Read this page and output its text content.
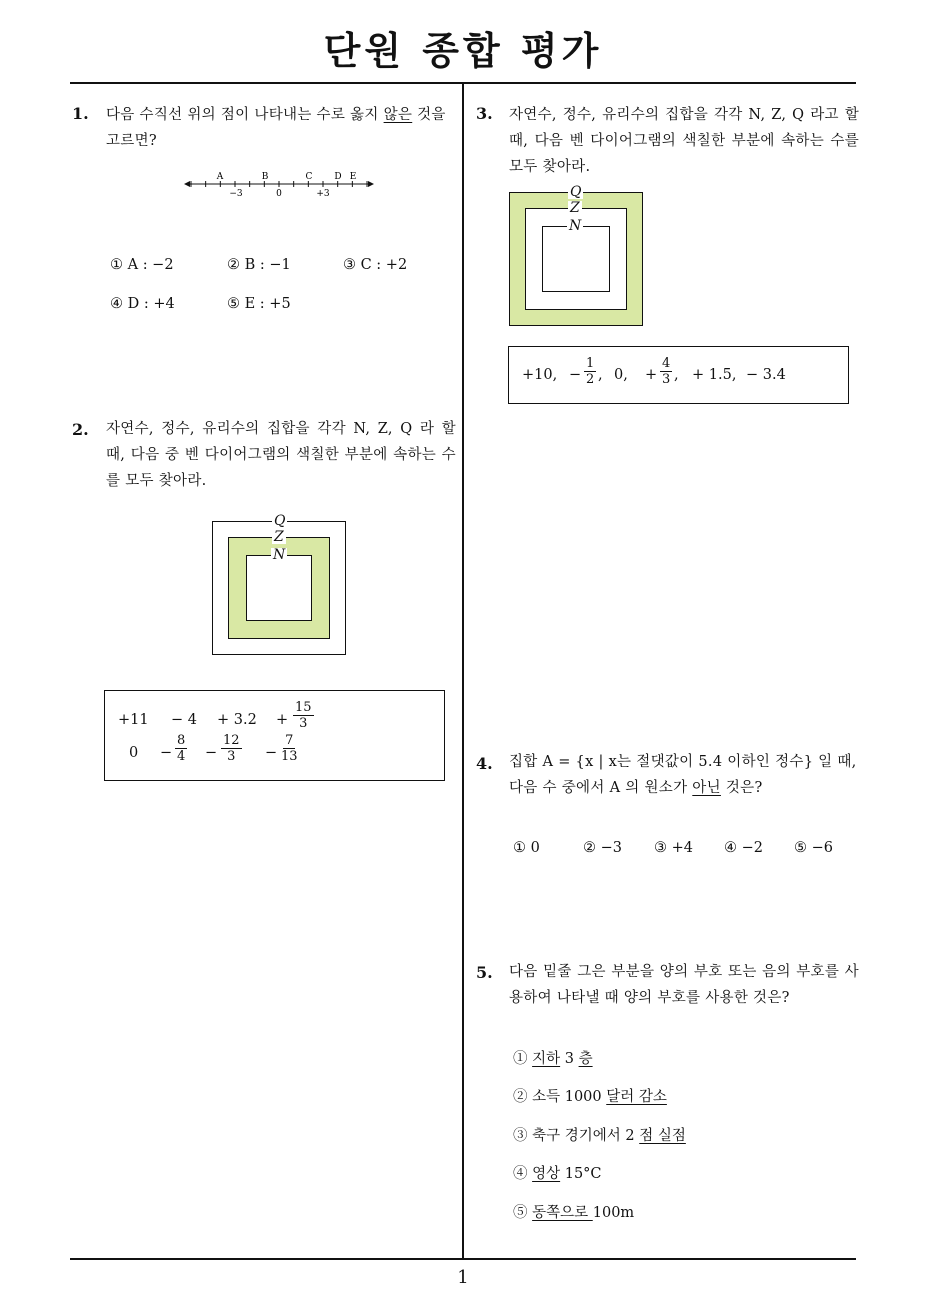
단원 종합 평가
1
1. 다음 수직선 위의 점이 나타내는 수로 옳지 않은 것을 고르면?
A	B	C D E
−3	0	+3
① A : −2	② B : −1	③ C : +2
④ D : +4	⑤ E : +5
2. 자연수, 정수, 유리수의 집합을 각각 N, Z, Q 라 할 때, 다음 중 벤 다이어그램의 색칠한 부분에 속하는 수를 모두 찾아라.
Q
Z
N
$+11 - 4 + 3.2 + \frac{15}{3}$
$0 - \frac{8}{4} - \frac{12}{3} - \frac{7}{13}$
3. 자연수, 정수, 유리수의 집합을 각각 N, Z, Q 라고 할 때, 다음 벤 다이어그램의 색칠한 부분에 속하는 수를 모두 찾아라.
Q
Z
N
+10, − $\frac{1}{2}$ , 0, + $\frac{4}{3}$ , + 1.5, − 3.4
4. 집합 A = {x | x는 절댓값이 5.4 이하인 정수} 일 때,
다음 수 중에서 A 의 원소가 아닌 것은?
① 0	② −3 ③ +4 ④ −2 ⑤ −6
5. 다음 밑줄 그은 부분을 양의 부호 또는 음의 부호를 사용하여 나타낼 때 양의 부호를 사용한 것은?
① 지하 3 층
② 소득 1000 달러 감소
③ 축구 경기에서 2 점 실점
④ 영상 15°C
⑤ 동쪽으로 100m
